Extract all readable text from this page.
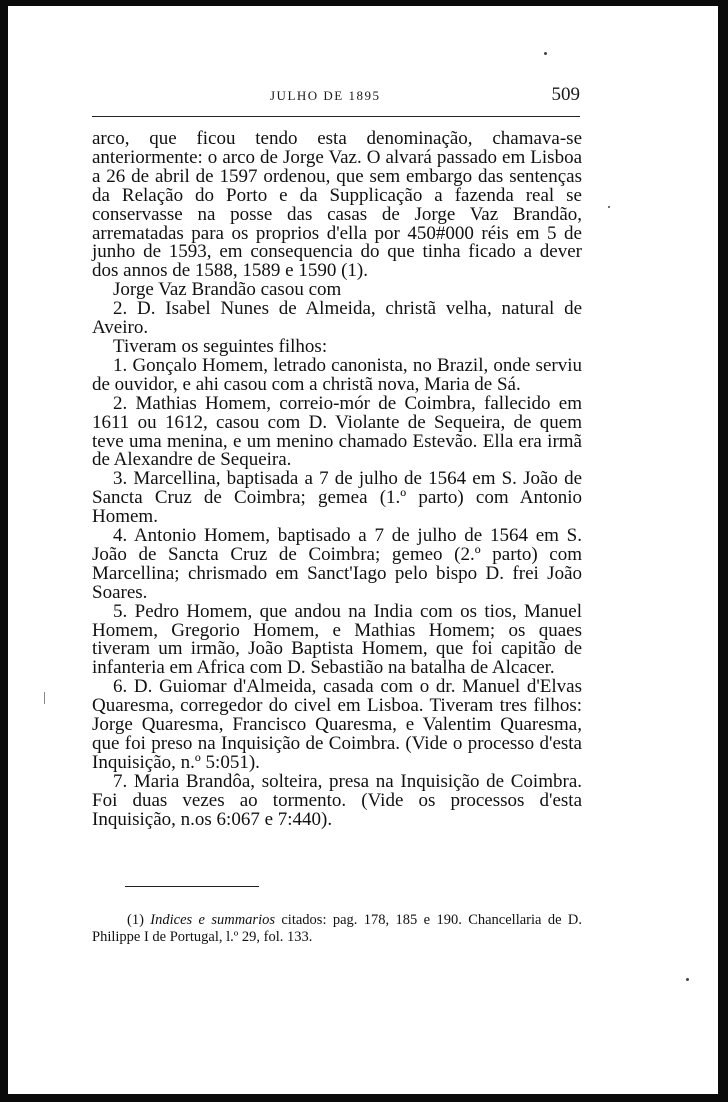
JULHO DE 1895	509

arco, que ficou tendo esta denominação, chamava-se anteriormente: o arco de Jorge Vaz. O alvará passado em Lisboa a 26 de abril de 1597 ordenou, que sem embargo das sentenças da Relação do Porto e da Supplicação a fazenda real se conservasse na posse das casas de Jorge Vaz Brandão, arrematadas para os proprios d'ella por 450#000 réis em 5 de junho de 1593, em consequencia do que tinha ficado a dever dos annos de 1588, 1589 e 1590 (1).

Jorge Vaz Brandão casou com

2. D. Isabel Nunes de Almeida, christã velha, natural de Aveiro.

Tiveram os seguintes filhos:

1. Gonçalo Homem, letrado canonista, no Brazil, onde serviu de ouvidor, e ahi casou com a christã nova, Maria de Sá.

2. Mathias Homem, correio-mór de Coimbra, fallecido em 1611 ou 1612, casou com D. Violante de Sequeira, de quem teve uma menina, e um menino chamado Estevão. Ella era irmã de Alexandre de Sequeira.

3. Marcellina, baptisada a 7 de julho de 1564 em S. João de Sancta Cruz de Coimbra; gemea (1.º parto) com Antonio Homem.

4. Antonio Homem, baptisado a 7 de julho de 1564 em S. João de Sancta Cruz de Coimbra; gemeo (2.º parto) com Marcellina; chrismado em Sanct'Iago pelo bispo D. frei João Soares.

5. Pedro Homem, que andou na India com os tios, Manuel Homem, Gregorio Homem, e Mathias Homem; os quaes tiveram um irmão, João Baptista Homem, que foi capitão de infanteria em Africa com D. Sebastião na batalha de Alcacer.

6. D. Guiomar d'Almeida, casada com o dr. Manuel d'Elvas Quaresma, corregedor do civel em Lisboa. Tiveram tres filhos: Jorge Quaresma, Francisco Quaresma, e Valentim Quaresma, que foi preso na Inquisição de Coimbra. (Vide o processo d'esta Inquisição, n.º 5:051).

7. Maria Brandôa, solteira, presa na Inquisição de Coimbra. Foi duas vezes ao tormento. (Vide os processos d'esta Inquisição, n.os 6:067 e 7:440).

(1) Indices e summarios citados: pag. 178, 185 e 190. Chancellaria de D. Philippe I de Portugal, l.º 29, fol. 133.
